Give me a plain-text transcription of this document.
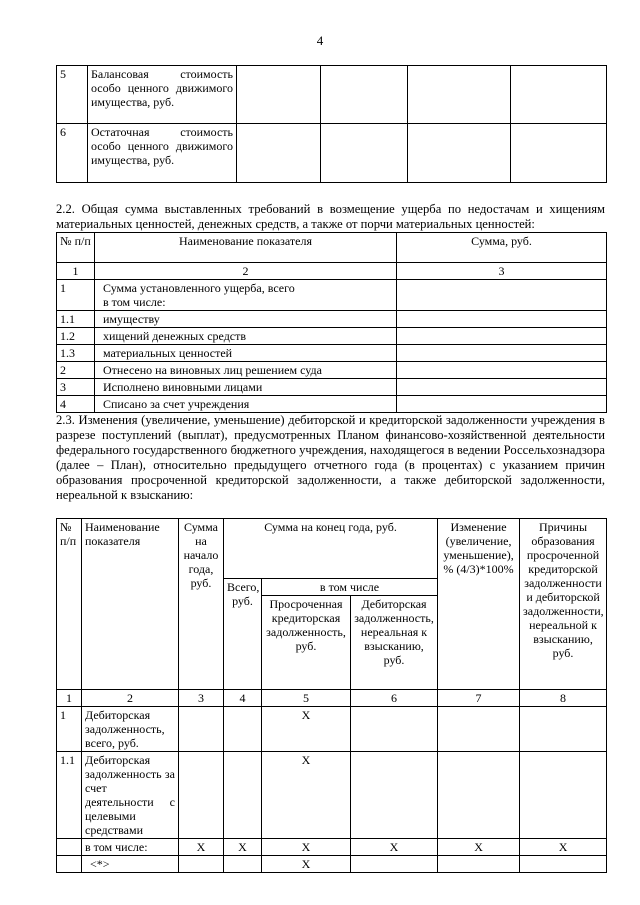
4
5	Балансовая стоимость особо ценного движимого имущества, руб.				
6	Остаточная стоимость особо ценного движимого имущества, руб.				
2.2. Общая сумма выставленных требований в возмещение ущерба по недостачам и хищениям материальных ценностей, денежных средств, а также от порчи материальных ценностей:
№ п/п	Наименование показателя	Сумма, руб.
1	2	3
1	Сумма установленного ущерба, всего
в том числе:	
1.1	имуществу	
1.2	хищений денежных средств	
1.3	материальных ценностей	
2	Отнесено на виновных лиц решением суда	
3	Исполнено виновными лицами	
4	Списано за счет учреждения	
2.3. Изменения (увеличение, уменьшение) дебиторской и кредиторской задолженности учреждения в разрезе поступлений (выплат), предусмотренных Планом финансово-хозяйственной деятельности федерального государственного бюджетного учреждения, находящегося в ведении Россельхознадзора (далее – План), относительно предыдущего отчетного года (в процентах) с указанием причин образования просроченной кредиторской задолженности, а также дебиторской задолженности, нереальной к взысканию:
№ п/п	Наименование показателя	Сумма на начало года, руб.	Сумма на конец года, руб.			Изменение (увеличение, уменьшение), % (4/3)*100%	Причины образования просроченной кредиторской задолженности и дебиторской задолженности, нереальной к взысканию, руб.
			Всего, руб.	в том числе			
				Просроченная кредиторская задолженность, руб.	Дебиторская задолженность, нереальная к взысканию, руб.		
1	2	3	4	5	6	7	8
1	Дебиторская задолженность, всего, руб.			X			
1.1	Дебиторская задолженность за счет деятельности с целевыми средствами			X			
	в том числе:	X	X	X	X	X	X
	<*>			X			
